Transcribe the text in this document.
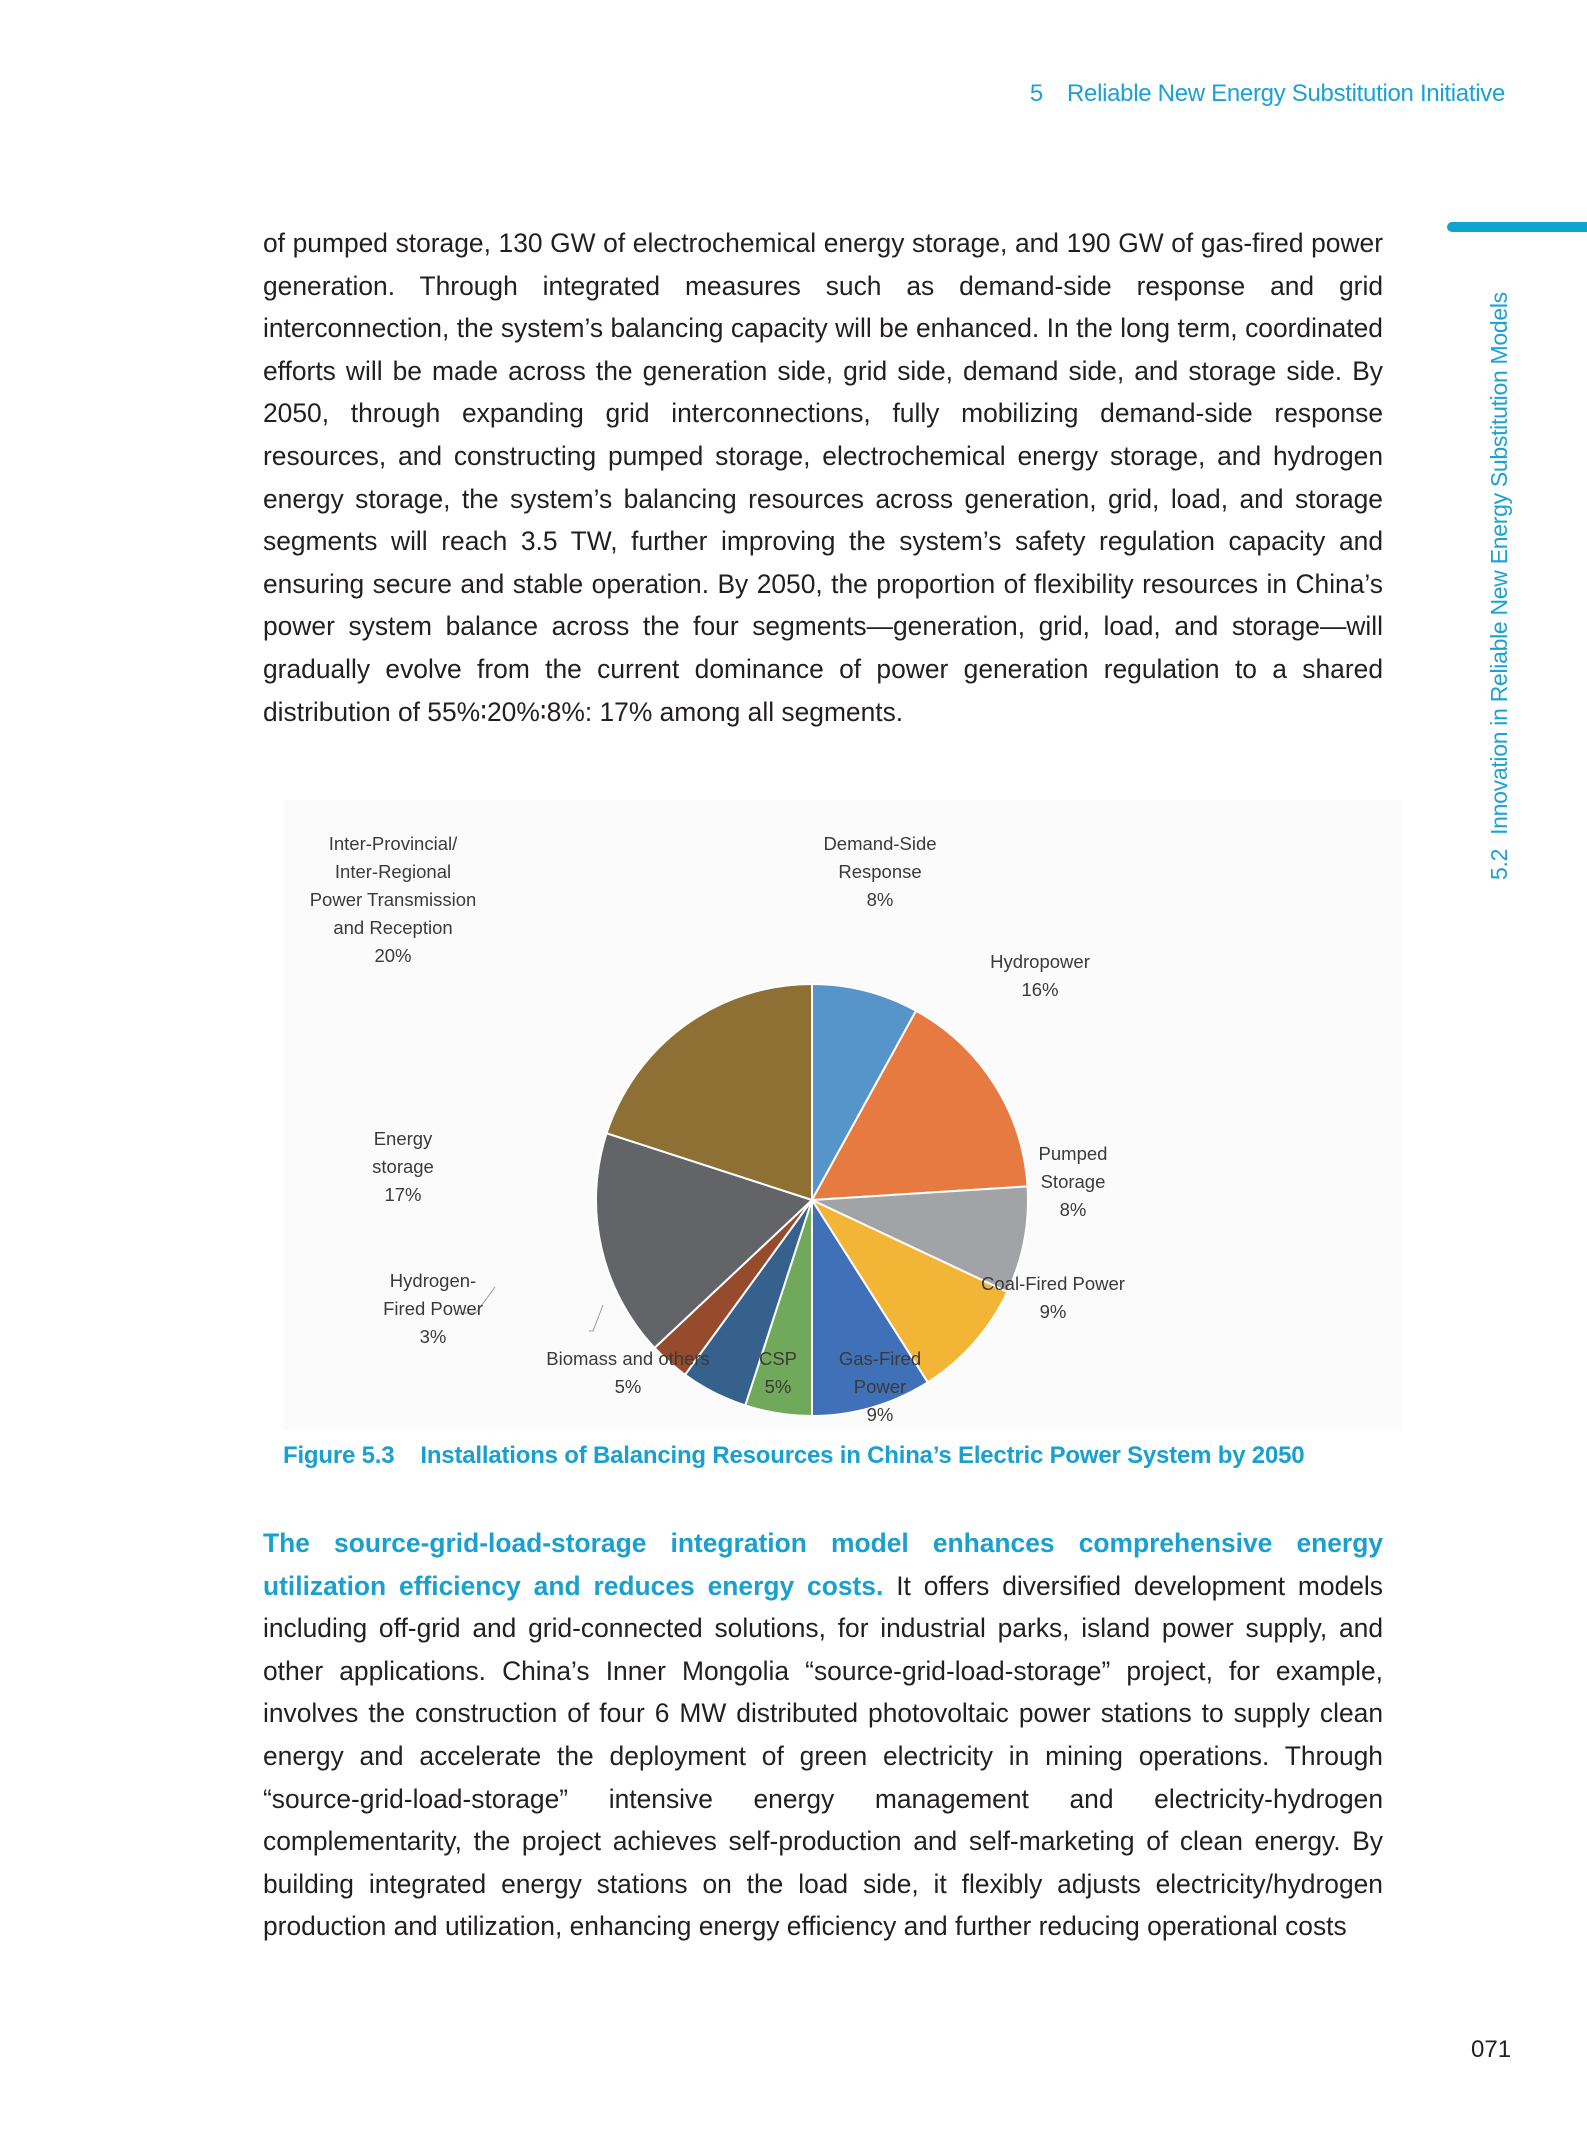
5 Reliable New Energy Substitution Initiative
5.2Innovation in Reliable New Energy Substitution Models

of pumped storage, 130 GW of electrochemical energy storage, and 190 GW of gas-fired power generation. Through integrated measures such as demand-side response and grid interconnection, the system’s balancing capacity will be enhanced. In the long term, coordinated efforts will be made across the generation side, grid side, demand side, and storage side. By 2050, through expanding grid interconnections, fully mobilizing demand-side response resources, and constructing pumped storage, electrochemical energy storage, and hydrogen energy storage, the system’s balancing resources across generation, grid, load, and storage segments will reach 3.5 TW, further improving the system’s safety regulation capacity and ensuring secure and stable operation. By 2050, the proportion of flexibility resources in China’s power system balance across the four segments—generation, grid, load, and storage—will gradually evolve from the current dominance of power generation regulation to a shared distribution of 55%∶20%∶8%: 17% among all segments.

Demand-Side
Response
8%
Hydropower
16%
Pumped
Storage
8%
Coal-Fired Power
9%
Gas-Fired
Power
9%
CSP
5%
Biomass and others
5%
Hydrogen-
Fired Power
3%
Energy
storage
17%
Inter-Provincial/
Inter-Regional
Power Transmission
and Reception
20%
Figure 5.3 Installations of Balancing Resources in China’s Electric Power System by 2050

The source-grid-load-storage integration model enhances comprehensive energy utilization efficiency and reduces energy costs. It offers diversified development models including off-grid and grid-connected solutions, for industrial parks, island power supply, and other applications. China’s Inner Mongolia “source-grid-load-storage” project, for example, involves the construction of four 6 MW distributed photovoltaic power stations to supply clean energy and accelerate the deployment of green electricity in mining operations. Through “source-grid-load-storage” intensive energy management and electricity-hydrogen complementarity, the project achieves self-production and self-marketing of clean energy. By building integrated energy stations on the load side, it flexibly adjusts electricity/hydrogen production and utilization, enhancing energy efficiency and further reducing operational costs

071
